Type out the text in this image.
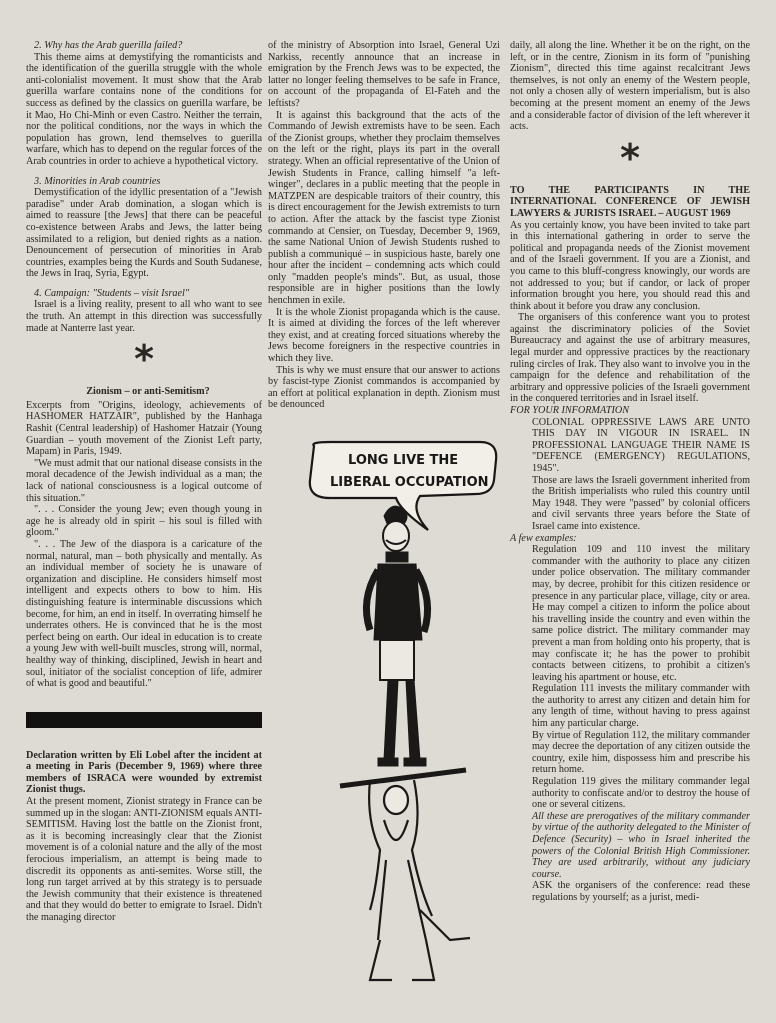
2. Why has the Arab guerilla failed?

This theme aims at demystifying the romanticists and the identification of the guerilla struggle with the whole anti-colonialist movement. It must show that the Arab guerilla warfare contains none of the conditions for success as defined by the classics on guerilla warfare, be it Mao, Ho Chi-Minh or even Castro. Neither the terrain, nor the political conditions, nor the ways in which the population has grown, lend themselves to guerilla warfare, which has to depend on the regular forces of the Arab countries in order to achieve a hypothetical victory.

3. Minorities in Arab countries

Demystification of the idyllic presentation of a "Jewish paradise" under Arab domination, a slogan which is aimed to reassure [the Jews] that there can be peaceful co-existence between Arabs and Jews, the latter being assimilated to a religion, but denied rights as a nation. Denouncement of persecution of minorities in Arab countries, examples being the Kurds and South Sudanese, the Jews in Iraq, Syria, Egypt.

4. Campaign: "Students – visit Israel"

Israel is a living reality, present to all who want to see the truth. An attempt in this direction was successfully made at Nanterre last year.

*

Zionism – or anti-Semitism?

Excerpts from "Origins, ideology, achievements of HASHOMER HATZAIR", published by the Hanhaga Rashit (Central leadership) of Hashomer Hatzair (Young Guardian – youth movement of the Zionist Left party, Mapam) in Paris, 1949.

"We must admit that our national disease consists in the moral decadence of the Jewish individual as a man; the lack of national consciousness is a logical outcome of this situation."

". . . Consider the young Jew; even though young in age he is already old in spirit – his soul is filled with gloom."

". . . The Jew of the diaspora is a caricature of the normal, natural, man – both physically and mentally. As an individual member of society he is unaware of organization and discipline. He considers himself most intelligent and expects others to bow to him. His distinguishing feature is interminable discussions which become, for him, an end in itself. In overrating himself he underrates others. He is convinced that he is the most perfect being on earth. Our ideal in education is to create a young Jew with well-built muscles, strong will, normal, healthy way of thinking, disciplined, Jewish in heart and soul, initiator of the socialist conception of life, admirer of what is good and beautiful."

Declaration written by Eli Lobel after the incident at a meeting in Paris (December 9, 1969) where three members of ISRACA were wounded by extremist Zionist thugs.

At the present moment, Zionist strategy in France can be summed up in the slogan: ANTI-ZIONISM equals ANTI-SEMITISM. Having lost the battle on the Zionist front, as it is becoming increasingly clear that the Zionist movement is of a colonial nature and the ally of the most ferocious imperialism, an attempt is being made to discredit its opponents as anti-semites. Worse still, the long run target arrived at by this strategy is to persuade the Jewish community that their existence is threatened and that they would do better to emigrate to Israel. Didn't the managing director

of the ministry of Absorption into Israel, General Uzi Narkiss, recently announce that an increase in emigration by the French Jews was to be expected, the latter no longer feeling themselves to be safe in France, on account of the propaganda of El-Fateh and the leftists?

It is against this background that the acts of the Commando of Jewish extremists have to be seen. Each of the Zionist groups, whether they proclaim themselves on the left or the right, plays its part in the overall strategy. When an official representative of the Union of Jewish Students in France, calling himself "a left-winger", declares in a public meeting that the people in MATZPEN are despicable traitors of their country, this is direct encouragement for the Jewish extremists to turn to action. After the attack by the fascist type Zionist commando at Censier, on Tuesday, December 9, 1969, the same National Union of Jewish Students rushed to publish a communiqué – in suspicious haste, barely one hour after the incident – condemning acts which could only "madden people's minds". But, as usual, those responsible are in higher positions than the lowly henchmen in exile.

It is the whole Zionist propaganda which is the cause. It is aimed at dividing the forces of the left wherever they exist, and at creating forced situations whereby the Jews become foreigners in the respective countries in which they live.

This is why we must ensure that our answer to actions by fascist-type Zionist commandos is accompanied by an effort at political explanation in depth. Zionism must be denounced

LONG LIVE THE
LIBERAL OCCUPATION

daily, all along the line. Whether it be on the right, on the left, or in the centre, Zionism in its form of "punishing Zionism", directed this time against recalcitrant Jews themselves, is not only an enemy of the Western people, not only a chosen ally of western imperialism, but is also becoming at the present moment an enemy of the Jews and a considerable factor of division of the left wherever it acts.

*

TO THE PARTICIPANTS IN THE INTERNATIONAL CONFERENCE OF JEWISH LAWYERS & JURISTS ISRAEL – AUGUST 1969

As you certainly know, you have been invited to take part in this international gathering in order to serve the political and propaganda needs of the Zionist movement and of the Israeli government. If you are a Zionist, and you came to this bluff-congress knowingly, our words are not addressed to you; but if candor, or lack of proper information brought you here, you should read this and think about it before you draw any conclusion.

The organisers of this conference want you to protest against the discriminatory policies of the Soviet Bureaucracy and against the use of arbitrary measures, legal murder and oppressive practices by the reactionary ruling circles of Irak. They also want to involve you in the campaign for the defence and rehabilitation of the arbitrary and oppressive policies of the Israeli government in the conquered territories and in Israel itself.

FOR YOUR INFORMATION

COLONIAL OPPRESSIVE LAWS ARE UNTO THIS DAY IN VIGOUR IN ISRAEL. IN PROFESSIONAL LANGUAGE THEIR NAME IS "DEFENCE (EMERGENCY) REGULATIONS, 1945".

Those are laws the Israeli government inherited from the British imperialists who ruled this country until May 1948. They were "passed" by colonial officers and civil servants three years before the State of Israel came into existence.

A few examples:

Regulation 109 and 110 invest the military commander with the authority to place any citizen under police observation. The military commander may, by decree, prohibit for this citizen residence or presence in any particular place, village, city or area. He may compel a citizen to inform the police about his travelling inside the country and even within the same police district. The military commander may prevent a man from holding onto his property, that is may confiscate it; he has the power to prohibit contacts between citizens, to prohibit a citizen's leaving his apartment or house, etc.

Regulation 111 invests the military commander with the authority to arrest any citizen and detain him for any length of time, without having to press against him any particular charge.

By virtue of Regulation 112, the military commander may decree the deportation of any citizen outside the country, exile him, dispossess him and prescribe his return home.

Regulation 119 gives the military commander legal authority to confiscate and/or to destroy the house of one or several citizens.

All these are prerogatives of the military commander by virtue of the authority delegated to the Minister of Defence (Security) – who in Israel inherited the powers of the Colonial British High Commissioner. They are used arbitrarily, without any judiciary course.

ASK the organisers of the conference: read these regulations by yourself; as a jurist, medi-
